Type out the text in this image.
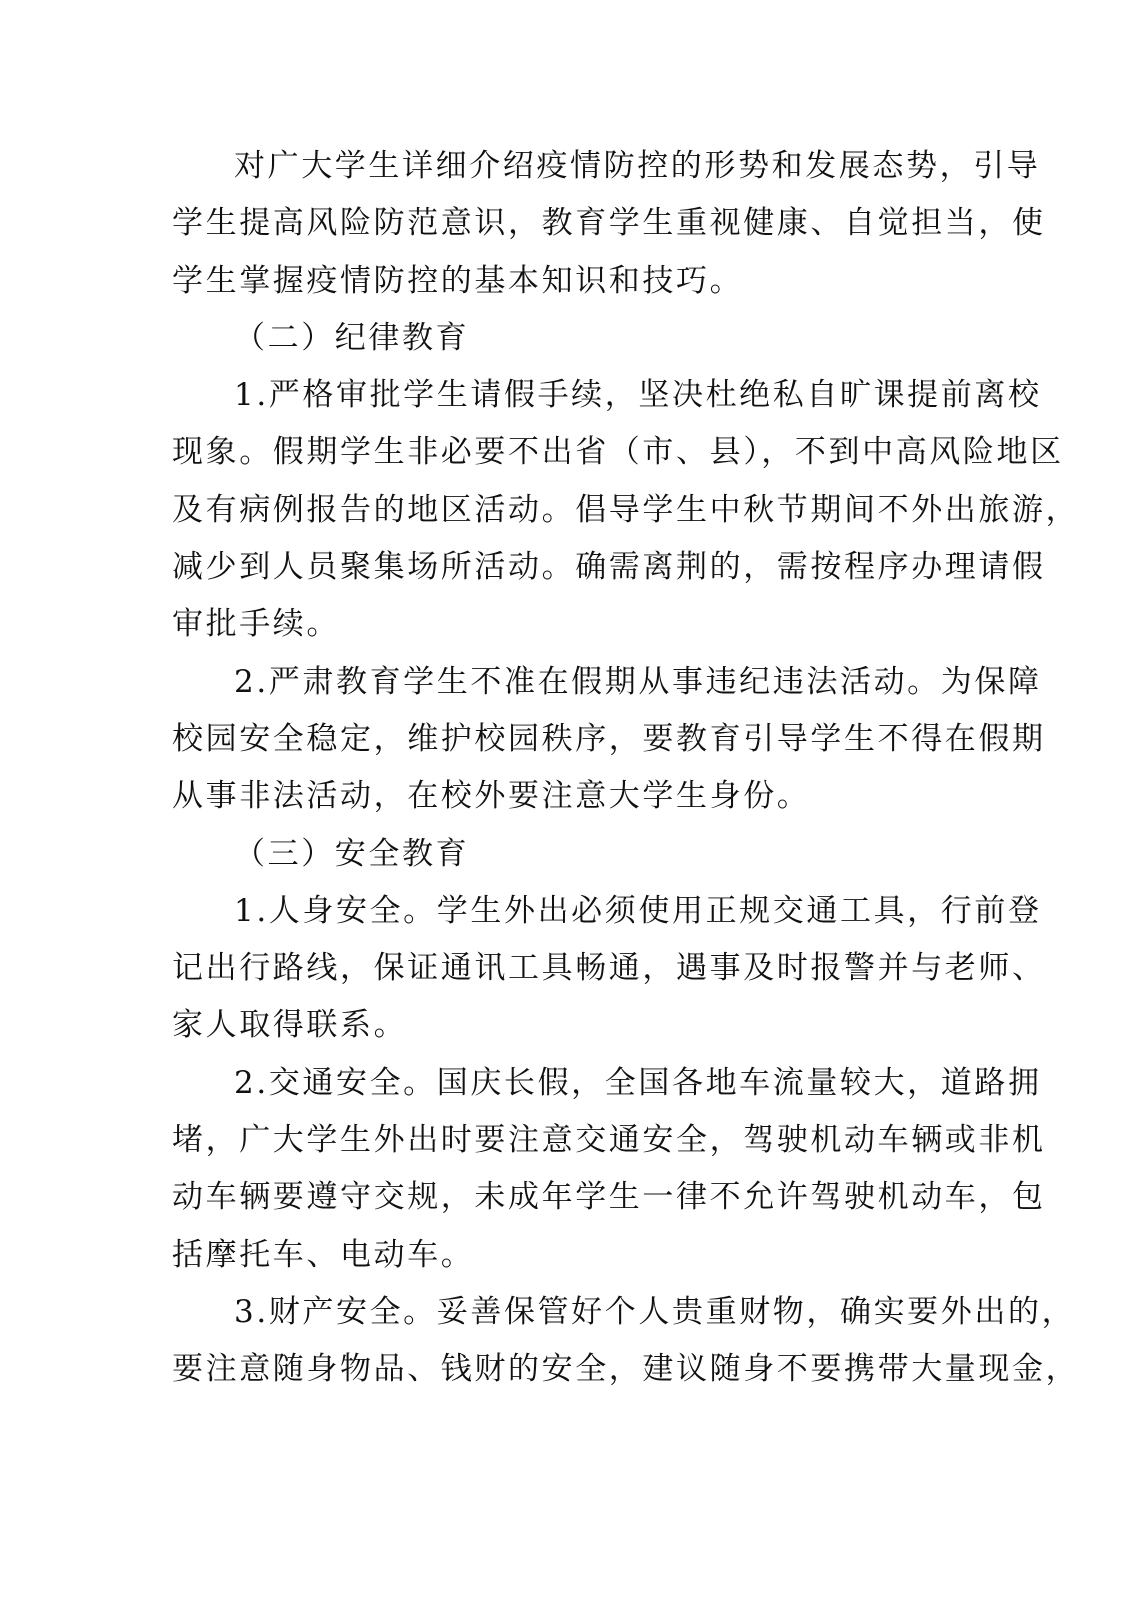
对广大学生详细介绍疫情防控的形势和发展态势，引导
学生提高风险防范意识，教育学生重视健康、自觉担当，使
学生掌握疫情防控的基本知识和技巧。
（二）纪律教育
1.严格审批学生请假手续，坚决杜绝私自旷课提前离校
现象。假期学生非必要不出省（市、县），不到中高风险地区
及有病例报告的地区活动。倡导学生中秋节期间不外出旅游，
减少到人员聚集场所活动。确需离荆的，需按程序办理请假
审批手续。
2.严肃教育学生不准在假期从事违纪违法活动。为保障
校园安全稳定，维护校园秩序，要教育引导学生不得在假期
从事非法活动，在校外要注意大学生身份。
（三）安全教育
1.人身安全。学生外出必须使用正规交通工具，行前登
记出行路线，保证通讯工具畅通，遇事及时报警并与老师、
家人取得联系。
2.交通安全。国庆长假，全国各地车流量较大，道路拥
堵，广大学生外出时要注意交通安全，驾驶机动车辆或非机
动车辆要遵守交规，未成年学生一律不允许驾驶机动车，包
括摩托车、电动车。
3.财产安全。妥善保管好个人贵重财物，确实要外出的，
要注意随身物品、钱财的安全，建议随身不要携带大量现金，
